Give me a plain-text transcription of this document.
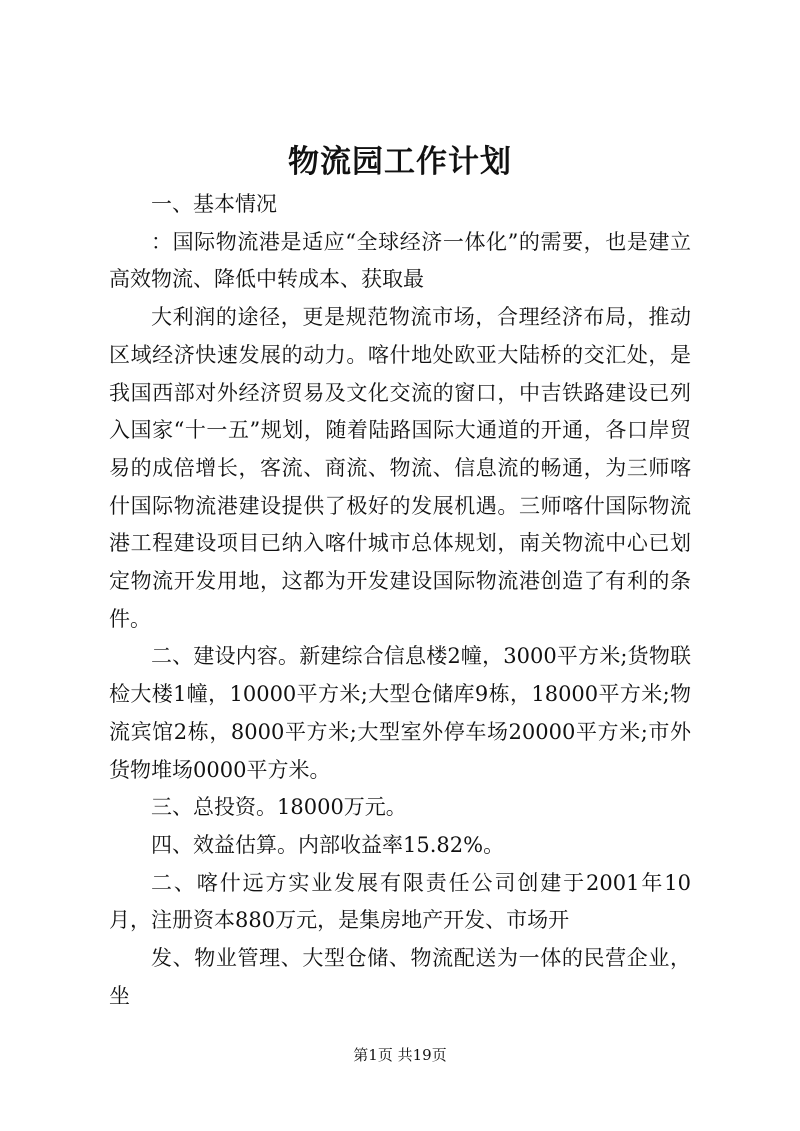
物流园工作计划

一、基本情况

：国际物流港是适应“全球经济一体化”的需要，也是建立高效物流、降低中转成本、获取最

大利润的途径，更是规范物流市场，合理经济布局，推动区域经济快速发展的动力。喀什地处欧亚大陆桥的交汇处，是我国西部对外经济贸易及文化交流的窗口，中吉铁路建设已列入国家“十一五”规划，随着陆路国际大通道的开通，各口岸贸易的成倍增长，客流、商流、物流、信息流的畅通，为三师喀什国际物流港建设提供了极好的发展机遇。三师喀什国际物流港工程建设项目已纳入喀什城市总体规划，南关物流中心已划定物流开发用地，这都为开发建设国际物流港创造了有利的条件。

二、建设内容。新建综合信息楼2幢，3000平方米;货物联检大楼1幢，10000平方米;大型仓储库9栋，18000平方米;物流宾馆2栋，8000平方米;大型室外停车场20000平方米;市外货物堆场0000平方米。

三、总投资。18000万元。

四、效益估算。内部收益率15.82%。

二、喀什远方实业发展有限责任公司创建于2001年10月，注册资本880万元，是集房地产开发、市场开

发、物业管理、大型仓储、物流配送为一体的民营企业，坐

第1页 共19页
